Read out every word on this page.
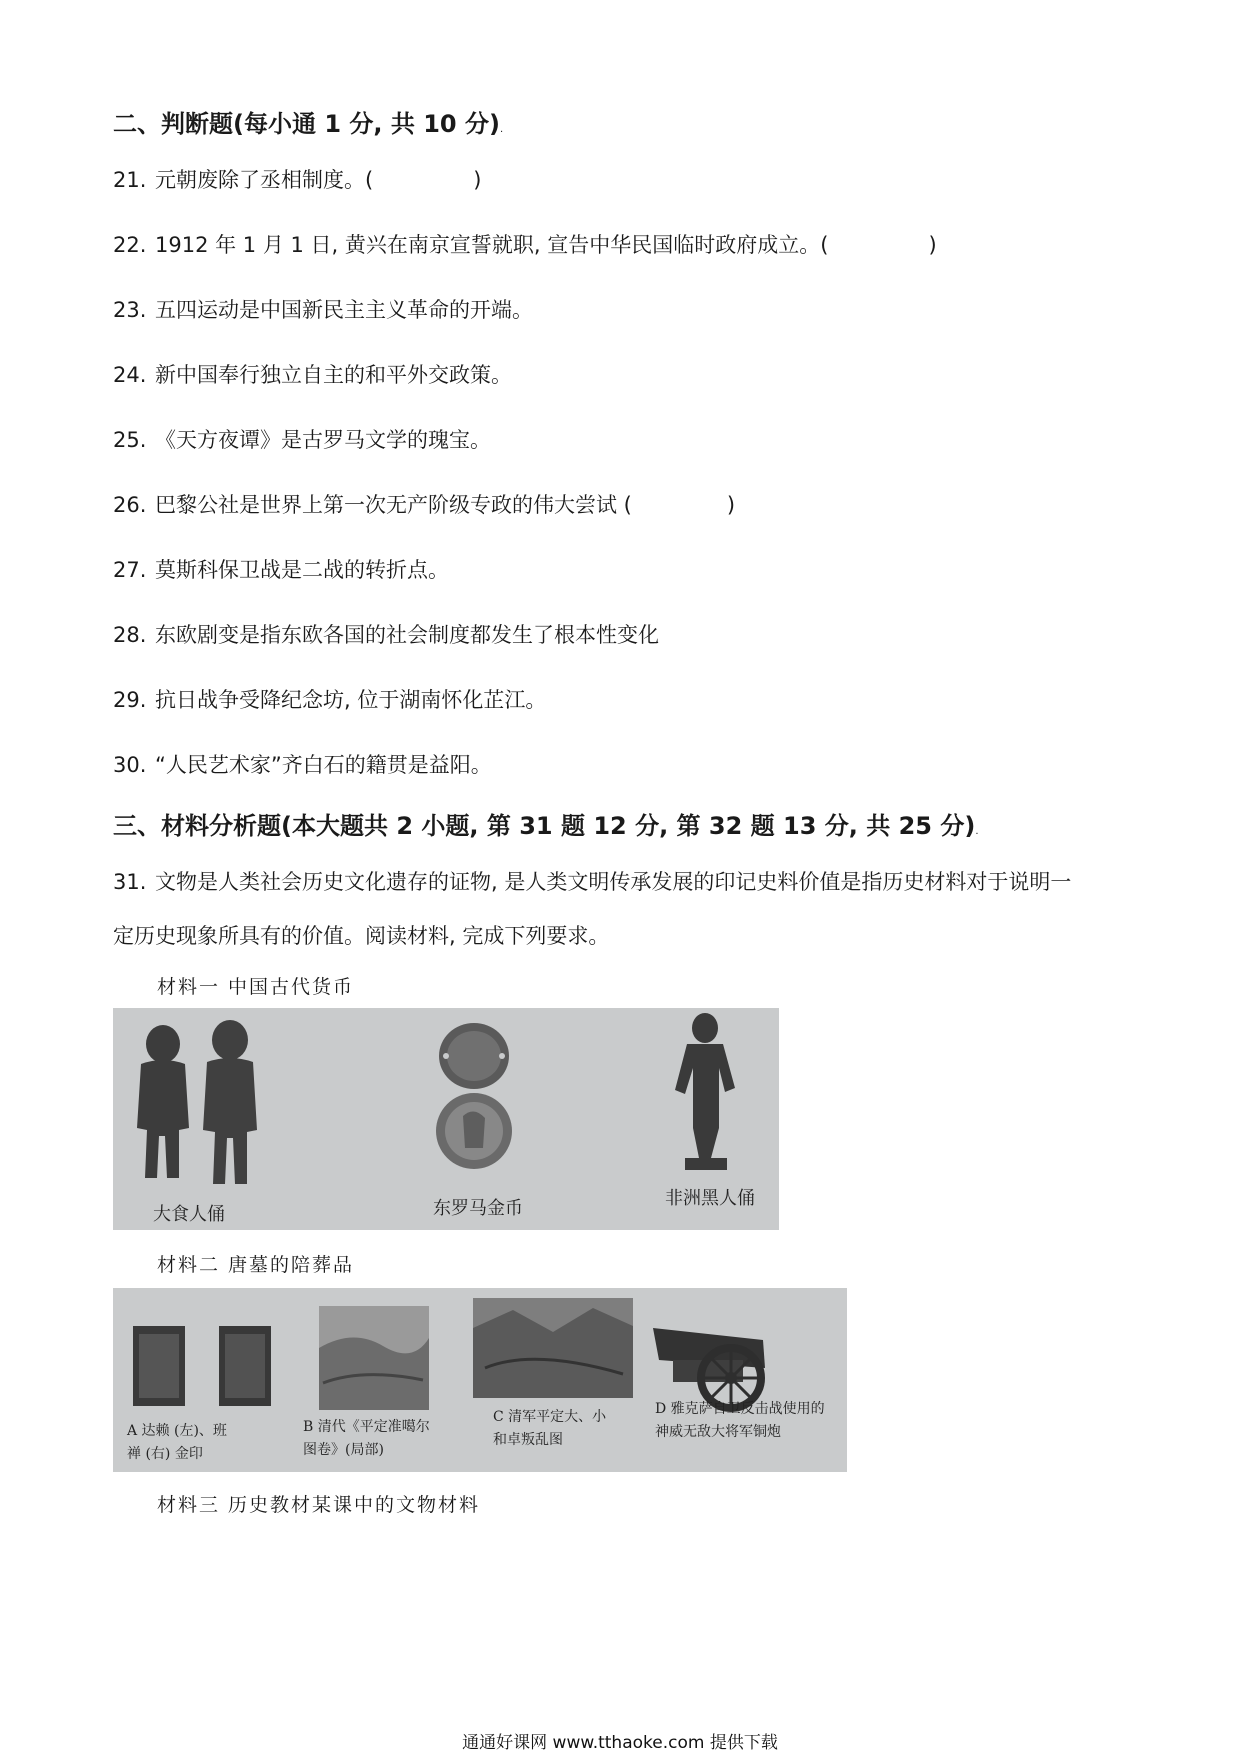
二、判断题(每小通 1 分, 共 10 分).
21. 元朝废除了丞相制度。(	)
22. 1912 年 1 月 1 日, 黄兴在南京宣誓就职, 宣告中华民国临时政府成立。(	)
23. 五四运动是中国新民主主义革命的开端。
24. 新中国奉行独立自主的和平外交政策。
25. 《天方夜谭》是古罗马文学的瑰宝。
26. 巴黎公社是世界上第一次无产阶级专政的伟大尝试 (	)
27. 莫斯科保卫战是二战的转折点。
28. 东欧剧变是指东欧各国的社会制度都发生了根本性变化
29. 抗日战争受降纪念坊, 位于湖南怀化芷江。
30. “人民艺术家”齐白石的籍贯是益阳。
三、材料分析题(本大题共 2 小题, 第 31 题 12 分, 第 32 题 13 分, 共 25 分).
31. 文物是人类社会历史文化遗存的证物, 是人类文明传承发展的印记史料价值是指历史材料对于说明一
定历史现象所具有的价值。阅读材料, 完成下列要求。
材料一 中国古代货币
大食人俑	东罗马金币	非洲黑人俑
材料二 唐墓的陪葬品
A 达赖 (左)、班
禅 (右) 金印
B 清代《平定准噶尔
图卷》(局部)
C 清军平定大、小
和卓叛乱图
D 雅克萨自卫反击战使用的
神威无敌大将军铜炮
材料三 历史教材某课中的文物材料
通通好课网 www.tthaoke.com 提供下载
